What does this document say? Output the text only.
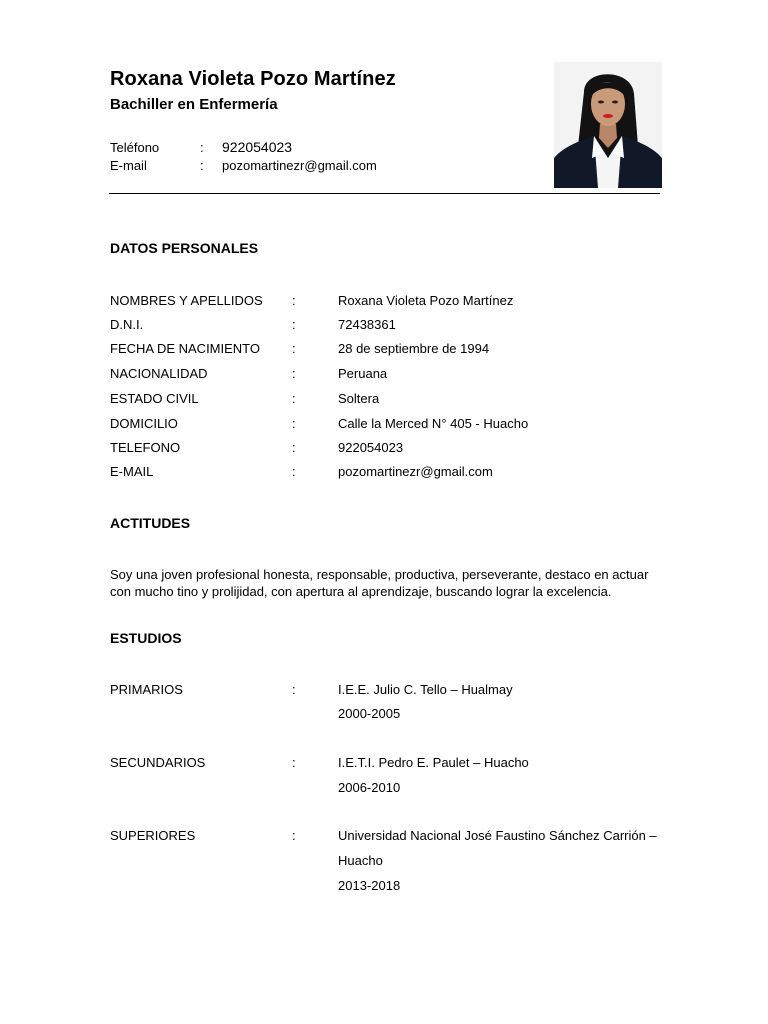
Roxana Violeta Pozo Martínez
Bachiller en Enfermería
Teléfono	: 922054023
E-mail	: pozomartinezr@gmail.com
DATOS PERSONALES
NOMBRES Y APELLIDOS :	Roxana Violeta Pozo Martínez
D.N.I.	:	72438361
FECHA DE NACIMIENTO :	28 de septiembre de 1994
NACIONALIDAD	:	Peruana
ESTADO CIVIL	:	Soltera
DOMICILIO	:	Calle la Merced N° 405 - Huacho
TELEFONO	:	922054023
E-MAIL	:	pozomartinezr@gmail.com
ACTITUDES
Soy una joven profesional honesta, responsable, productiva, perseverante, destaco en actuar con mucho tino y prolijidad, con apertura al aprendizaje, buscando lograr la excelencia.
ESTUDIOS
PRIMARIOS	:	I.E.E. Julio C. Tello – Hualmay
2000-2005
SECUNDARIOS	:	I.E.T.I. Pedro E. Paulet – Huacho
2006-2010
SUPERIORES	:	Universidad Nacional José Faustino Sánchez Carrión –
Huacho
2013-2018
